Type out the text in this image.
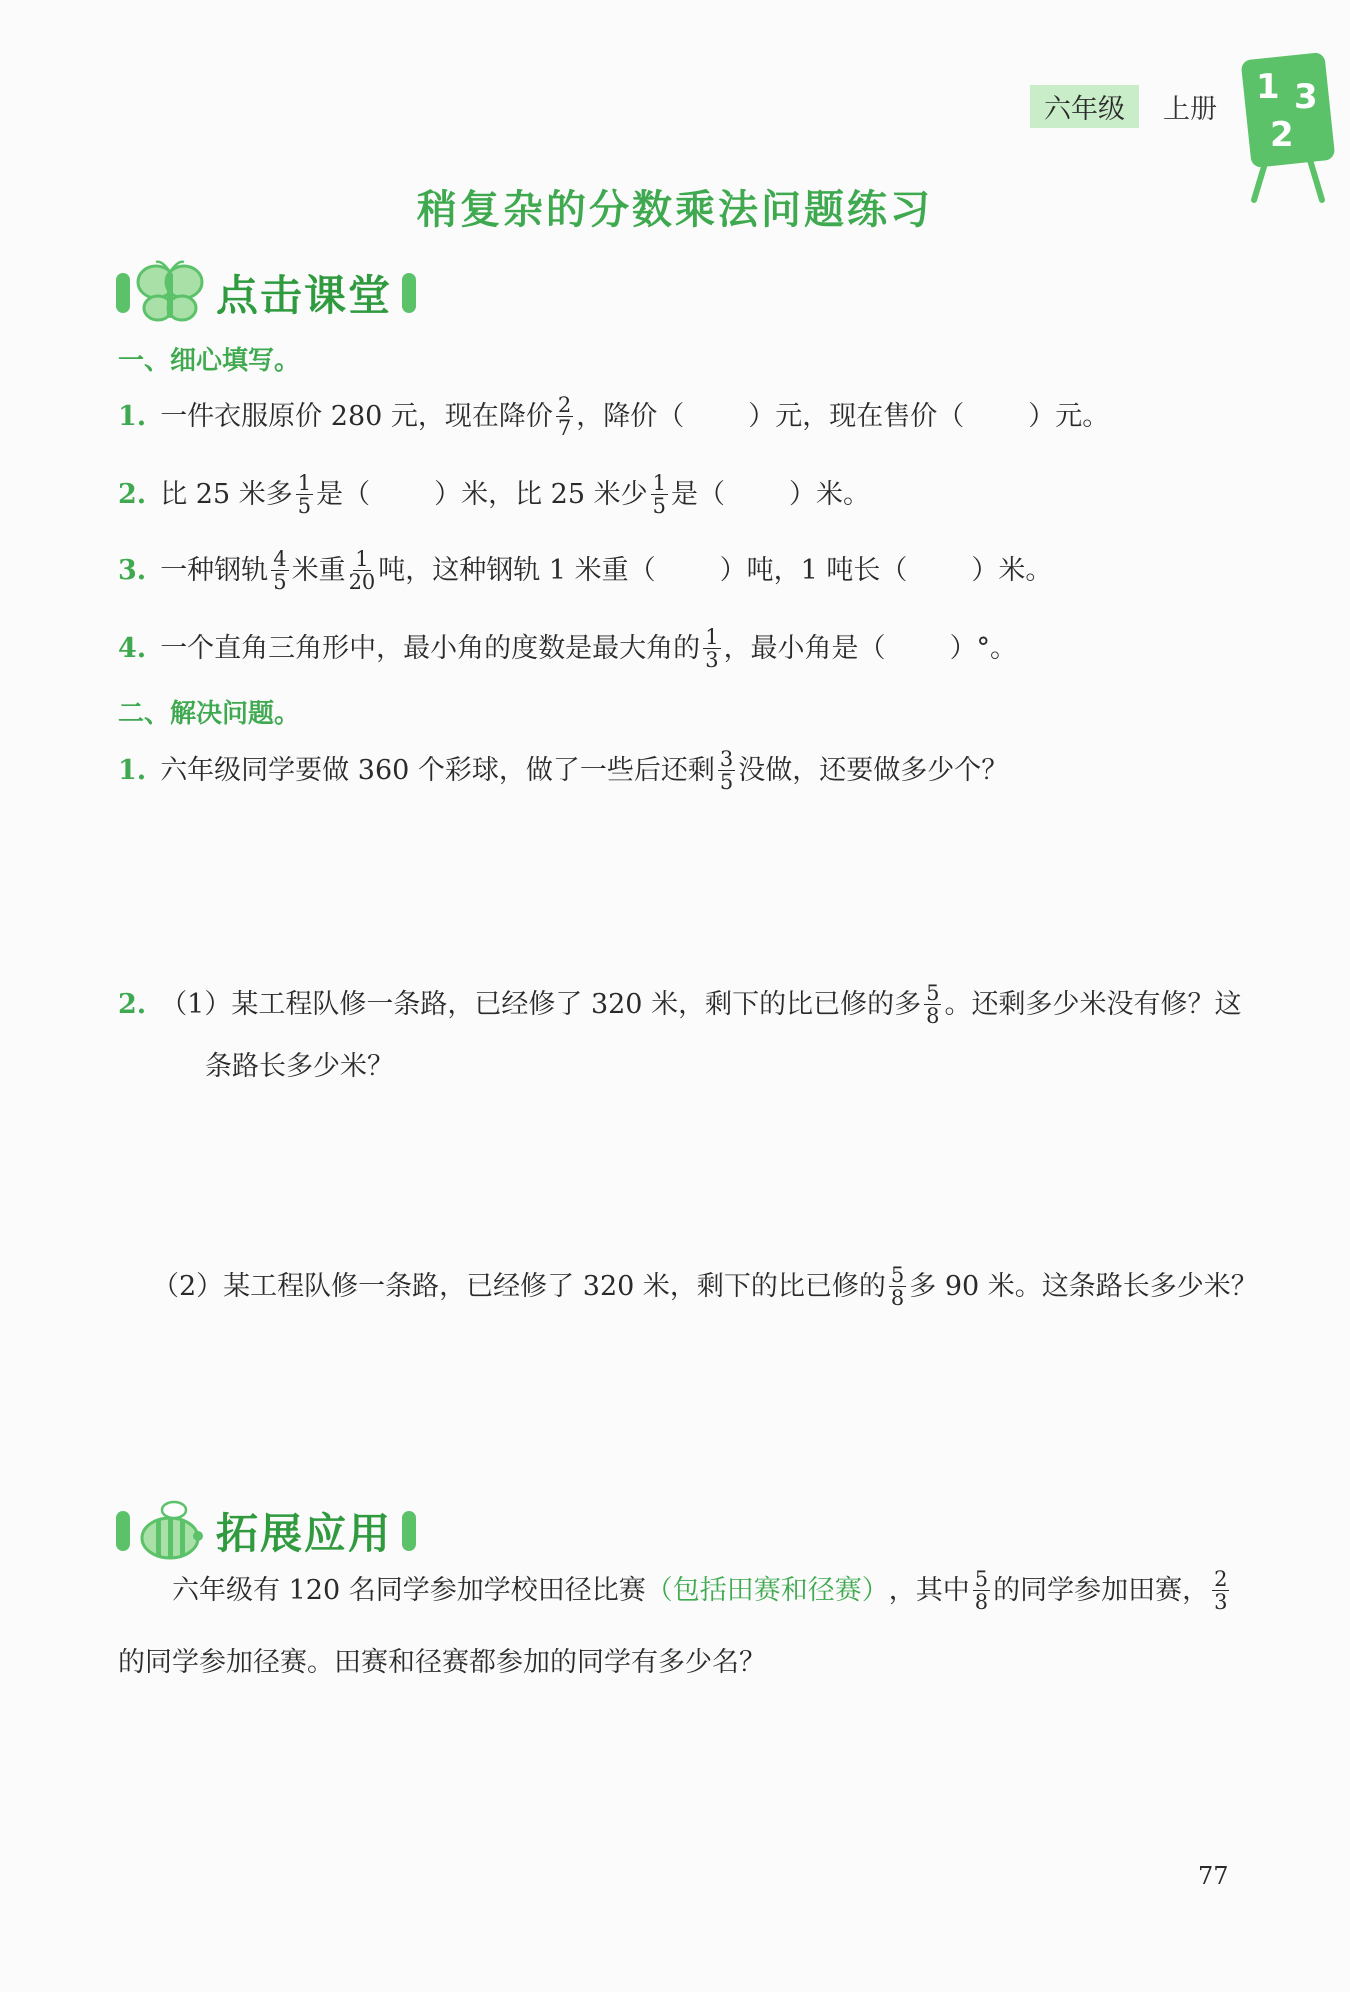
六年级	上册
1 3
2
稍复杂的分数乘法问题练习
点击课堂
一、细心填写。
1. 一件衣服原价 280 元，现在降价 $\frac{2}{7}$ ，降价（ ）元，现在售价（ ）元。
2. 比 25 米多 $\frac{1}{5}$ 是（ ）米，比 25 米少 $\frac{1}{5}$ 是（ ）米。
3. 一种钢轨 $\frac{4}{5}$ 米重 $\frac{1}{20}$ 吨，这种钢轨 1 米重（ ）吨，1 吨长（ ）米。
4. 一个直角三角形中，最小角的度数是最大角的 $\frac{1}{3}$ ，最小角是（ ）°。
二、解决问题。
1. 六年级同学要做 360 个彩球，做了一些后还剩 $\frac{3}{5}$ 没做，还要做多少个？
2. （1）某工程队修一条路，已经修了 320 米，剩下的比已修的多 $\frac{5}{8}$ 。还剩多少米没有修？这
条路长多少米？
（2）某工程队修一条路，已经修了 320 米，剩下的比已修的 $\frac{5}{8}$ 多 90 米。这条路长多少米？
拓展应用
六年级有 120 名同学参加学校田径比赛 （包括田赛和径赛） ，其中 $\frac{5}{8}$ 的同学参加田赛， $\frac{2}{3}$
的同学参加径赛。田赛和径赛都参加的同学有多少名？
77
